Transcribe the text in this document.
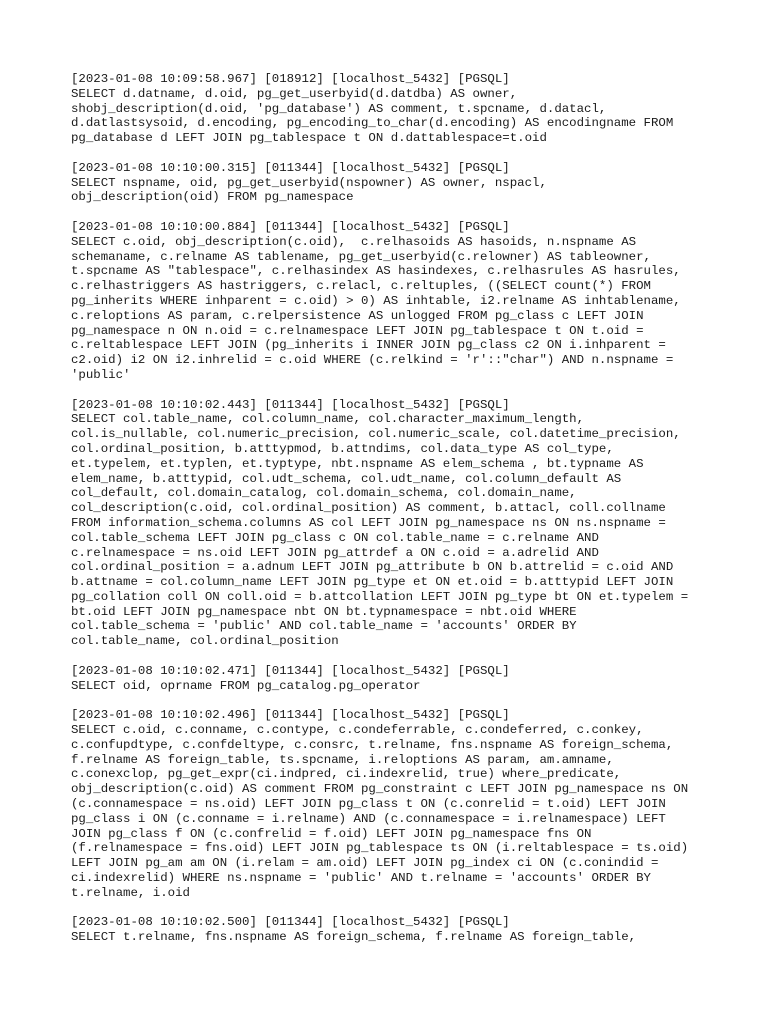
[2023-01-08 10:09:58.967] [018912] [localhost_5432] [PGSQL]
SELECT d.datname, d.oid, pg_get_userbyid(d.datdba) AS owner,
shobj_description(d.oid, 'pg_database') AS comment, t.spcname, d.datacl,
d.datlastsysoid, d.encoding, pg_encoding_to_char(d.encoding) AS encodingname FROM
pg_database d LEFT JOIN pg_tablespace t ON d.dattablespace=t.oid
[2023-01-08 10:10:00.315] [011344] [localhost_5432] [PGSQL]
SELECT nspname, oid, pg_get_userbyid(nspowner) AS owner, nspacl,
obj_description(oid) FROM pg_namespace
[2023-01-08 10:10:00.884] [011344] [localhost_5432] [PGSQL]
SELECT c.oid, obj_description(c.oid),  c.relhasoids AS hasoids, n.nspname AS
schemaname, c.relname AS tablename, pg_get_userbyid(c.relowner) AS tableowner,
t.spcname AS "tablespace", c.relhasindex AS hasindexes, c.relhasrules AS hasrules,
c.relhastriggers AS hastriggers, c.relacl, c.reltuples, ((SELECT count(*) FROM
pg_inherits WHERE inhparent = c.oid) > 0) AS inhtable, i2.relname AS inhtablename,
c.reloptions AS param, c.relpersistence AS unlogged FROM pg_class c LEFT JOIN
pg_namespace n ON n.oid = c.relnamespace LEFT JOIN pg_tablespace t ON t.oid =
c.reltablespace LEFT JOIN (pg_inherits i INNER JOIN pg_class c2 ON i.inhparent =
c2.oid) i2 ON i2.inhrelid = c.oid WHERE (c.relkind = 'r'::"char") AND n.nspname =
'public'
[2023-01-08 10:10:02.443] [011344] [localhost_5432] [PGSQL]
SELECT col.table_name, col.column_name, col.character_maximum_length,
col.is_nullable, col.numeric_precision, col.numeric_scale, col.datetime_precision,
col.ordinal_position, b.atttypmod, b.attndims, col.data_type AS col_type,
et.typelem, et.typlen, et.typtype, nbt.nspname AS elem_schema , bt.typname AS
elem_name, b.atttypid, col.udt_schema, col.udt_name, col.column_default AS
col_default, col.domain_catalog, col.domain_schema, col.domain_name,
col_description(c.oid, col.ordinal_position) AS comment, b.attacl, coll.collname
FROM information_schema.columns AS col LEFT JOIN pg_namespace ns ON ns.nspname =
col.table_schema LEFT JOIN pg_class c ON col.table_name = c.relname AND
c.relnamespace = ns.oid LEFT JOIN pg_attrdef a ON c.oid = a.adrelid AND
col.ordinal_position = a.adnum LEFT JOIN pg_attribute b ON b.attrelid = c.oid AND
b.attname = col.column_name LEFT JOIN pg_type et ON et.oid = b.atttypid LEFT JOIN
pg_collation coll ON coll.oid = b.attcollation LEFT JOIN pg_type bt ON et.typelem =
bt.oid LEFT JOIN pg_namespace nbt ON bt.typnamespace = nbt.oid WHERE
col.table_schema = 'public' AND col.table_name = 'accounts' ORDER BY
col.table_name, col.ordinal_position
[2023-01-08 10:10:02.471] [011344] [localhost_5432] [PGSQL]
SELECT oid, oprname FROM pg_catalog.pg_operator
[2023-01-08 10:10:02.496] [011344] [localhost_5432] [PGSQL]
SELECT c.oid, c.conname, c.contype, c.condeferrable, c.condeferred, c.conkey,
c.confupdtype, c.confdeltype, c.consrc, t.relname, fns.nspname AS foreign_schema,
f.relname AS foreign_table, ts.spcname, i.reloptions AS param, am.amname,
c.conexclop, pg_get_expr(ci.indpred, ci.indexrelid, true) where_predicate,
obj_description(c.oid) AS comment FROM pg_constraint c LEFT JOIN pg_namespace ns ON
(c.connamespace = ns.oid) LEFT JOIN pg_class t ON (c.conrelid = t.oid) LEFT JOIN
pg_class i ON (c.conname = i.relname) AND (c.connamespace = i.relnamespace) LEFT
JOIN pg_class f ON (c.confrelid = f.oid) LEFT JOIN pg_namespace fns ON
(f.relnamespace = fns.oid) LEFT JOIN pg_tablespace ts ON (i.reltablespace = ts.oid)
LEFT JOIN pg_am am ON (i.relam = am.oid) LEFT JOIN pg_index ci ON (c.conindid =
ci.indexrelid) WHERE ns.nspname = 'public' AND t.relname = 'accounts' ORDER BY
t.relname, i.oid
[2023-01-08 10:10:02.500] [011344] [localhost_5432] [PGSQL]
SELECT t.relname, fns.nspname AS foreign_schema, f.relname AS foreign_table,
